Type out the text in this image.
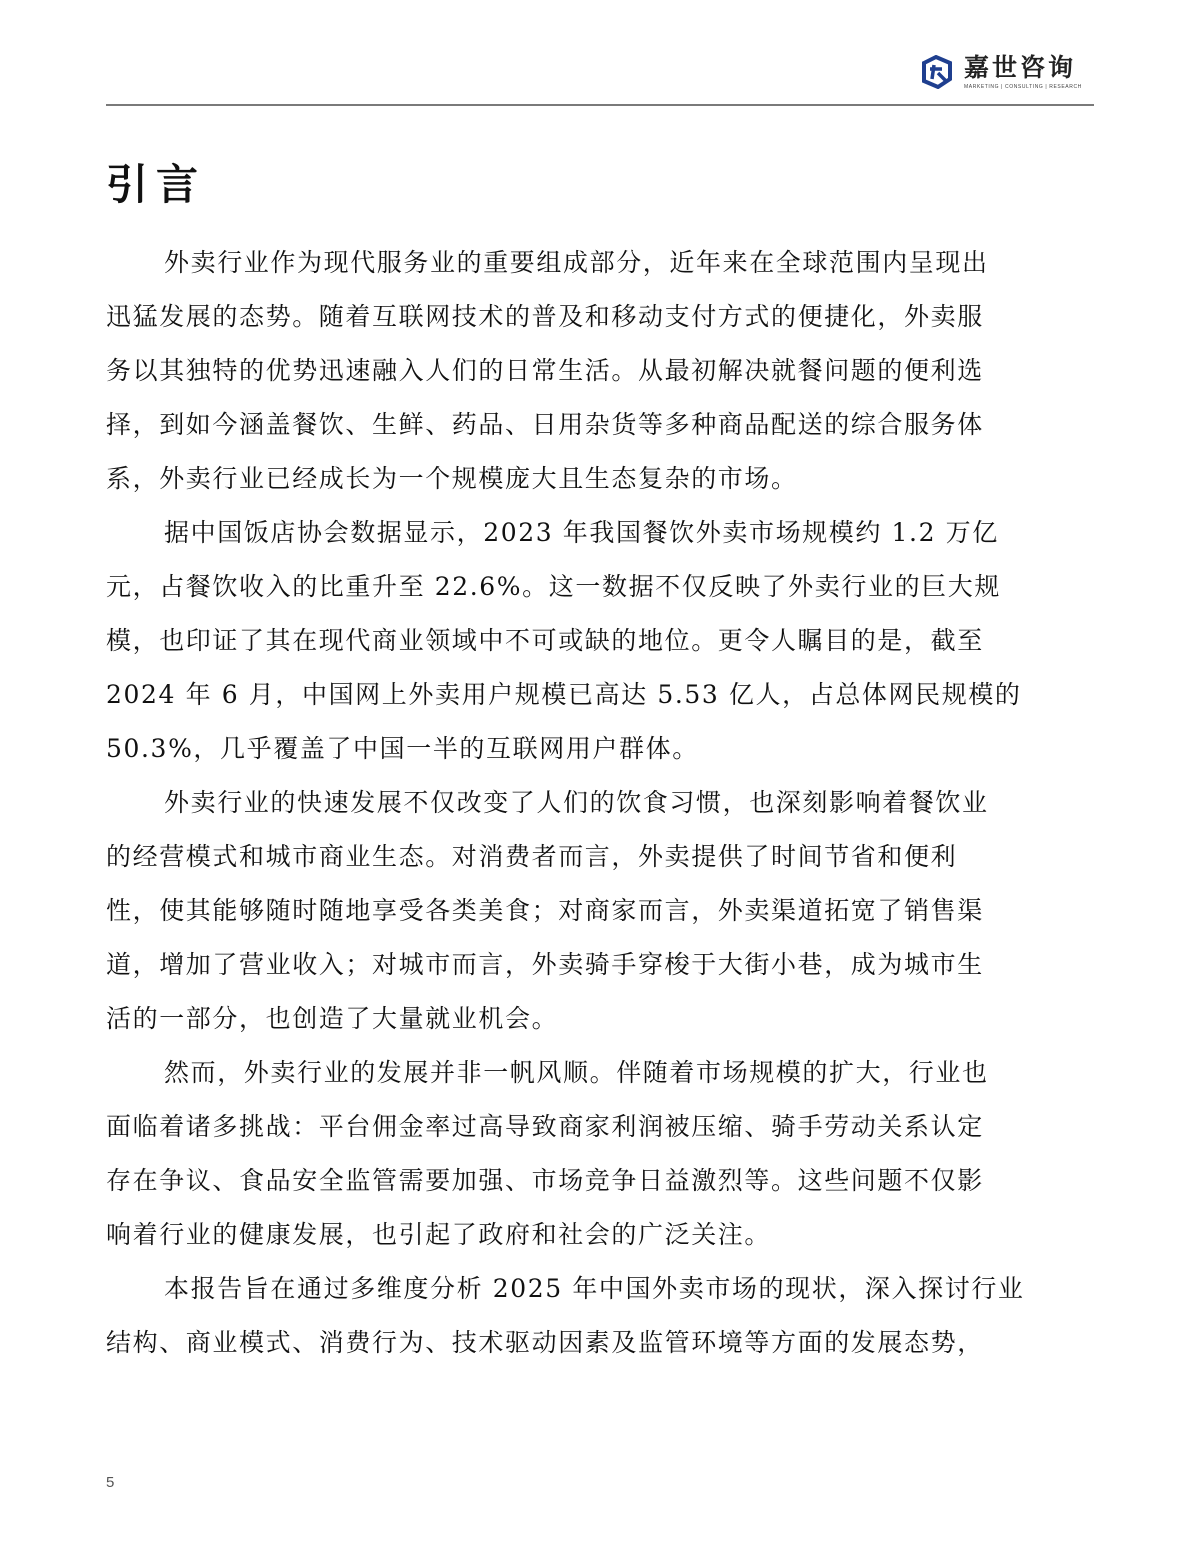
嘉世咨询
MARKETING | CONSULTING | RESEARCH
引言
外卖行业作为现代服务业的重要组成部分，近年来在全球范围内呈现出
迅猛发展的态势。随着互联网技术的普及和移动支付方式的便捷化，外卖服
务以其独特的优势迅速融入人们的日常生活。从最初解决就餐问题的便利选
择，到如今涵盖餐饮、生鲜、药品、日用杂货等多种商品配送的综合服务体
系，外卖行业已经成长为一个规模庞大且生态复杂的市场。
据中国饭店协会数据显示，2023 年我国餐饮外卖市场规模约 1.2 万亿
元，占餐饮收入的比重升至 22.6%。这一数据不仅反映了外卖行业的巨大规
模，也印证了其在现代商业领域中不可或缺的地位。更令人瞩目的是，截至
2024 年 6 月，中国网上外卖用户规模已高达 5.53 亿人，占总体网民规模的
50.3%，几乎覆盖了中国一半的互联网用户群体。
外卖行业的快速发展不仅改变了人们的饮食习惯，也深刻影响着餐饮业
的经营模式和城市商业生态。对消费者而言，外卖提供了时间节省和便利
性，使其能够随时随地享受各类美食；对商家而言，外卖渠道拓宽了销售渠
道，增加了营业收入；对城市而言，外卖骑手穿梭于大街小巷，成为城市生
活的一部分，也创造了大量就业机会。
然而，外卖行业的发展并非一帆风顺。伴随着市场规模的扩大，行业也
面临着诸多挑战：平台佣金率过高导致商家利润被压缩、骑手劳动关系认定
存在争议、食品安全监管需要加强、市场竞争日益激烈等。这些问题不仅影
响着行业的健康发展，也引起了政府和社会的广泛关注。
本报告旨在通过多维度分析 2025 年中国外卖市场的现状，深入探讨行业
结构、商业模式、消费行为、技术驱动因素及监管环境等方面的发展态势，
5
